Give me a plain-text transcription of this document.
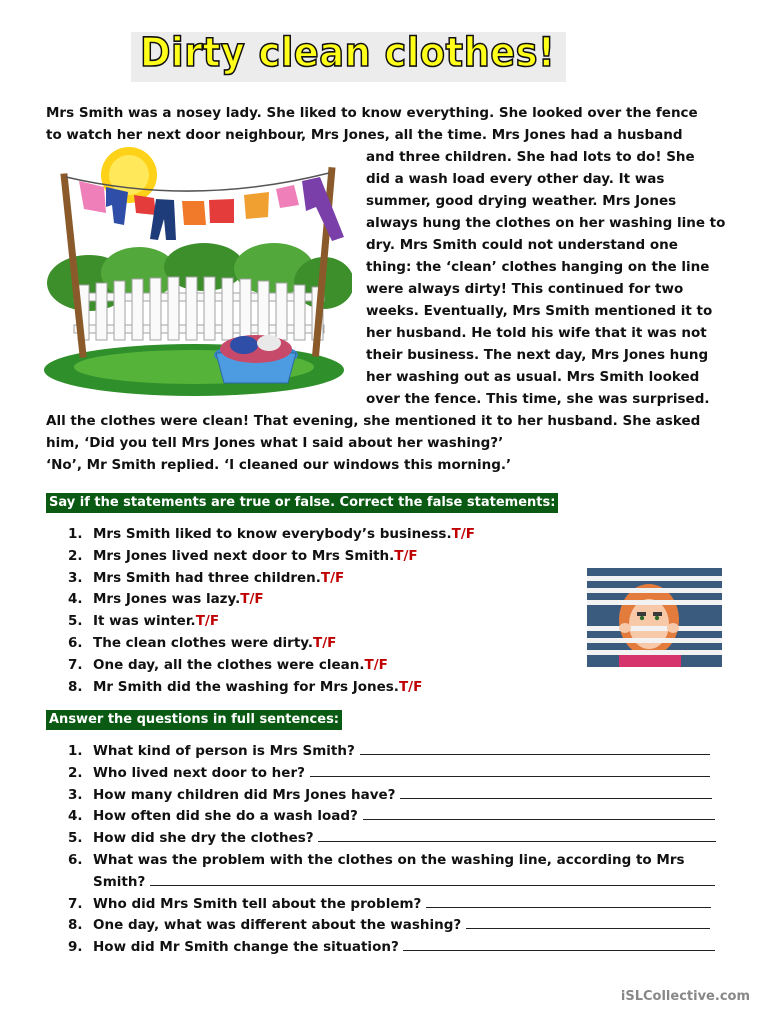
Dirty clean clothes!
Mrs Smith was a nosey lady. She liked to know everything. She looked over the fence
to watch her next door neighbour, Mrs Jones, all the time. Mrs Jones had a husband
and three children. She had lots to do! She
did a wash load every other day. It was
summer, good drying weather. Mrs Jones
always hung the clothes on her washing line to
dry. Mrs Smith could not understand one
thing: the ‘clean’ clothes hanging on the line
were always dirty! This continued for two
weeks. Eventually, Mrs Smith mentioned it to
her husband. He told his wife that it was not
their business. The next day, Mrs Jones hung
her washing out as usual. Mrs Smith looked
over the fence. This time, she was surprised.
All the clothes were clean! That evening, she mentioned it to her husband. She asked
him, ‘Did you tell Mrs Jones what I said about her washing?’
‘No’, Mr Smith replied. ‘I cleaned our windows this morning.’
Say if the statements are true or false. Correct the false statements:
1. Mrs Smith liked to know everybody’s business.T/F
2. Mrs Jones lived next door to Mrs Smith.T/F
3. Mrs Smith had three children.T/F
4. Mrs Jones was lazy.T/F
5. It was winter.T/F
6. The clean clothes were dirty.T/F
7. One day, all the clothes were clean.T/F
8. Mr Smith did the washing for Mrs Jones.T/F
Answer the questions in full sentences:
1. What kind of person is Mrs Smith?
2. Who lived next door to her?
3. How many children did Mrs Jones have?
4. How often did she do a wash load?
5. How did she dry the clothes?
6. What was the problem with the clothes on the washing line, according to Mrs
Smith?
7. Who did Mrs Smith tell about the problem?
8. One day, what was different about the washing?
9. How did Mr Smith change the situation?
iSLCollective.com
